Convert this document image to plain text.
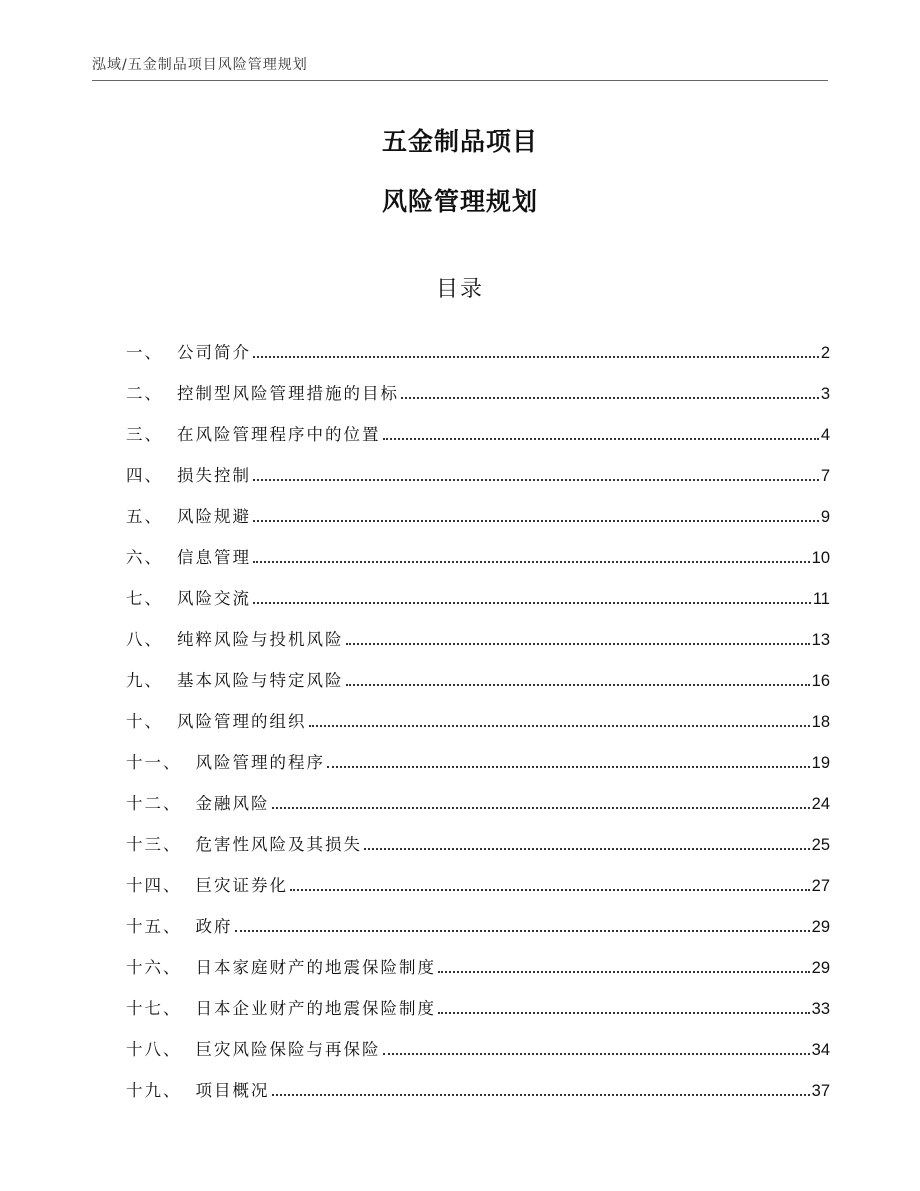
泓域/五金制品项目风险管理规划
五金制品项目
风险管理规划
目录
一、 公司简介	2
二、 控制型风险管理措施的目标	3
三、 在风险管理程序中的位置	4
四、 损失控制	7
五、 风险规避	9
六、 信息管理	10
七、 风险交流	11
八、 纯粹风险与投机风险	13
九、 基本风险与特定风险	16
十、 风险管理的组织	18
十一、 风险管理的程序	19
十二、 金融风险	24
十三、 危害性风险及其损失	25
十四、 巨灾证券化	27
十五、 政府	29
十六、 日本家庭财产的地震保险制度	29
十七、 日本企业财产的地震保险制度	33
十八、 巨灾风险保险与再保险	34
十九、 项目概况	37
